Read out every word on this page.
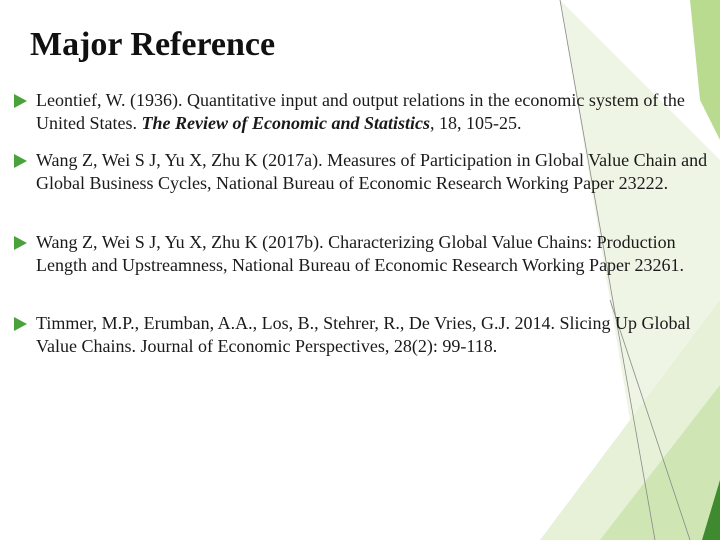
Major Reference
Leontief, W. (1936). Quantitative input and output relations in the economic system of the United States. The Review of Economic and Statistics, 18, 105-25.
Wang Z, Wei S J, Yu X, Zhu K (2017a). Measures of Participation in Global Value Chain and Global Business Cycles, National Bureau of Economic Research Working Paper 23222.
Wang Z, Wei S J, Yu X, Zhu K (2017b). Characterizing Global Value Chains: Production Length and Upstreamness, National Bureau of Economic Research Working Paper 23261.
Timmer, M.P., Erumban, A.A., Los, B., Stehrer, R., De Vries, G.J. 2014. Slicing Up Global Value Chains. Journal of Economic Perspectives, 28(2): 99-118.
